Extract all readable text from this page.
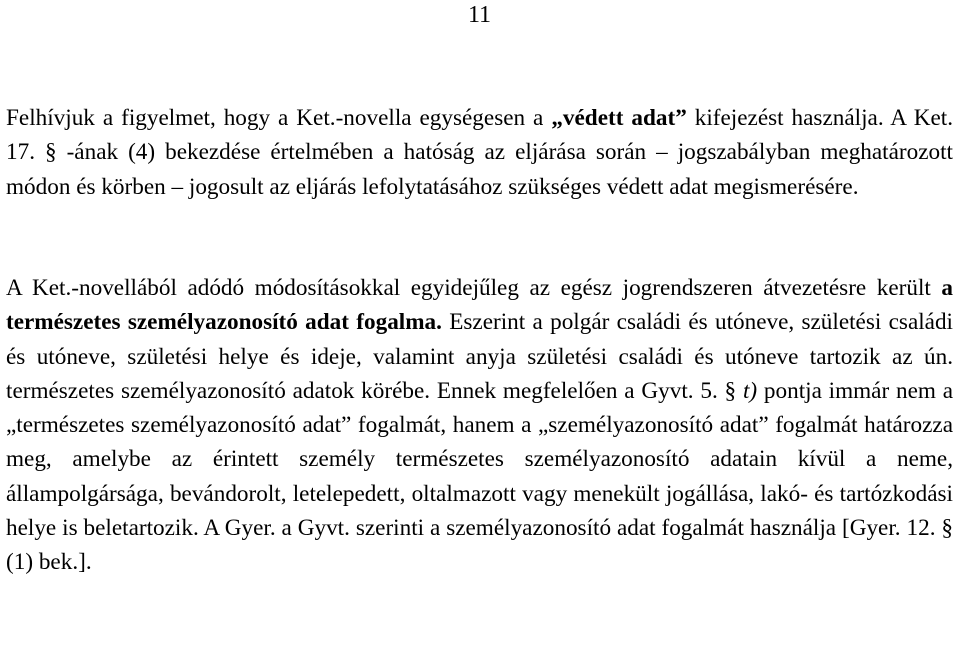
11

Felhívjuk a figyelmet, hogy a Ket.-novella egységesen a „védett adat” kifejezést használja. A Ket. 17. § -ának (4) bekezdése értelmében a hatóság az eljárása során – jogszabályban meghatározott módon és körben – jogosult az eljárás lefolytatásához szükséges védett adat megismerésére.

A Ket.-novellából adódó módosításokkal egyidejűleg az egész jogrendszeren átvezetésre került a természetes személyazonosító adat fogalma. Eszerint a polgár családi és utóneve, születési családi és utóneve, születési helye és ideje, valamint anyja születési családi és utóneve tartozik az ún. természetes személyazonosító adatok körébe. Ennek megfelelően a Gyvt. 5. § t) pontja immár nem a „természetes személyazonosító adat” fogalmát, hanem a „személyazonosító adat” fogalmát határozza meg, amelybe az érintett személy természetes személyazonosító adatain kívül a neme, állampolgársága, bevándorolt, letelepedett, oltalmazott vagy menekült jogállása, lakó- és tartózkodási helye is beletartozik. A Gyer. a Gyvt. szerinti a személyazonosító adat fogalmát használja [Gyer. 12. § (1) bek.].
